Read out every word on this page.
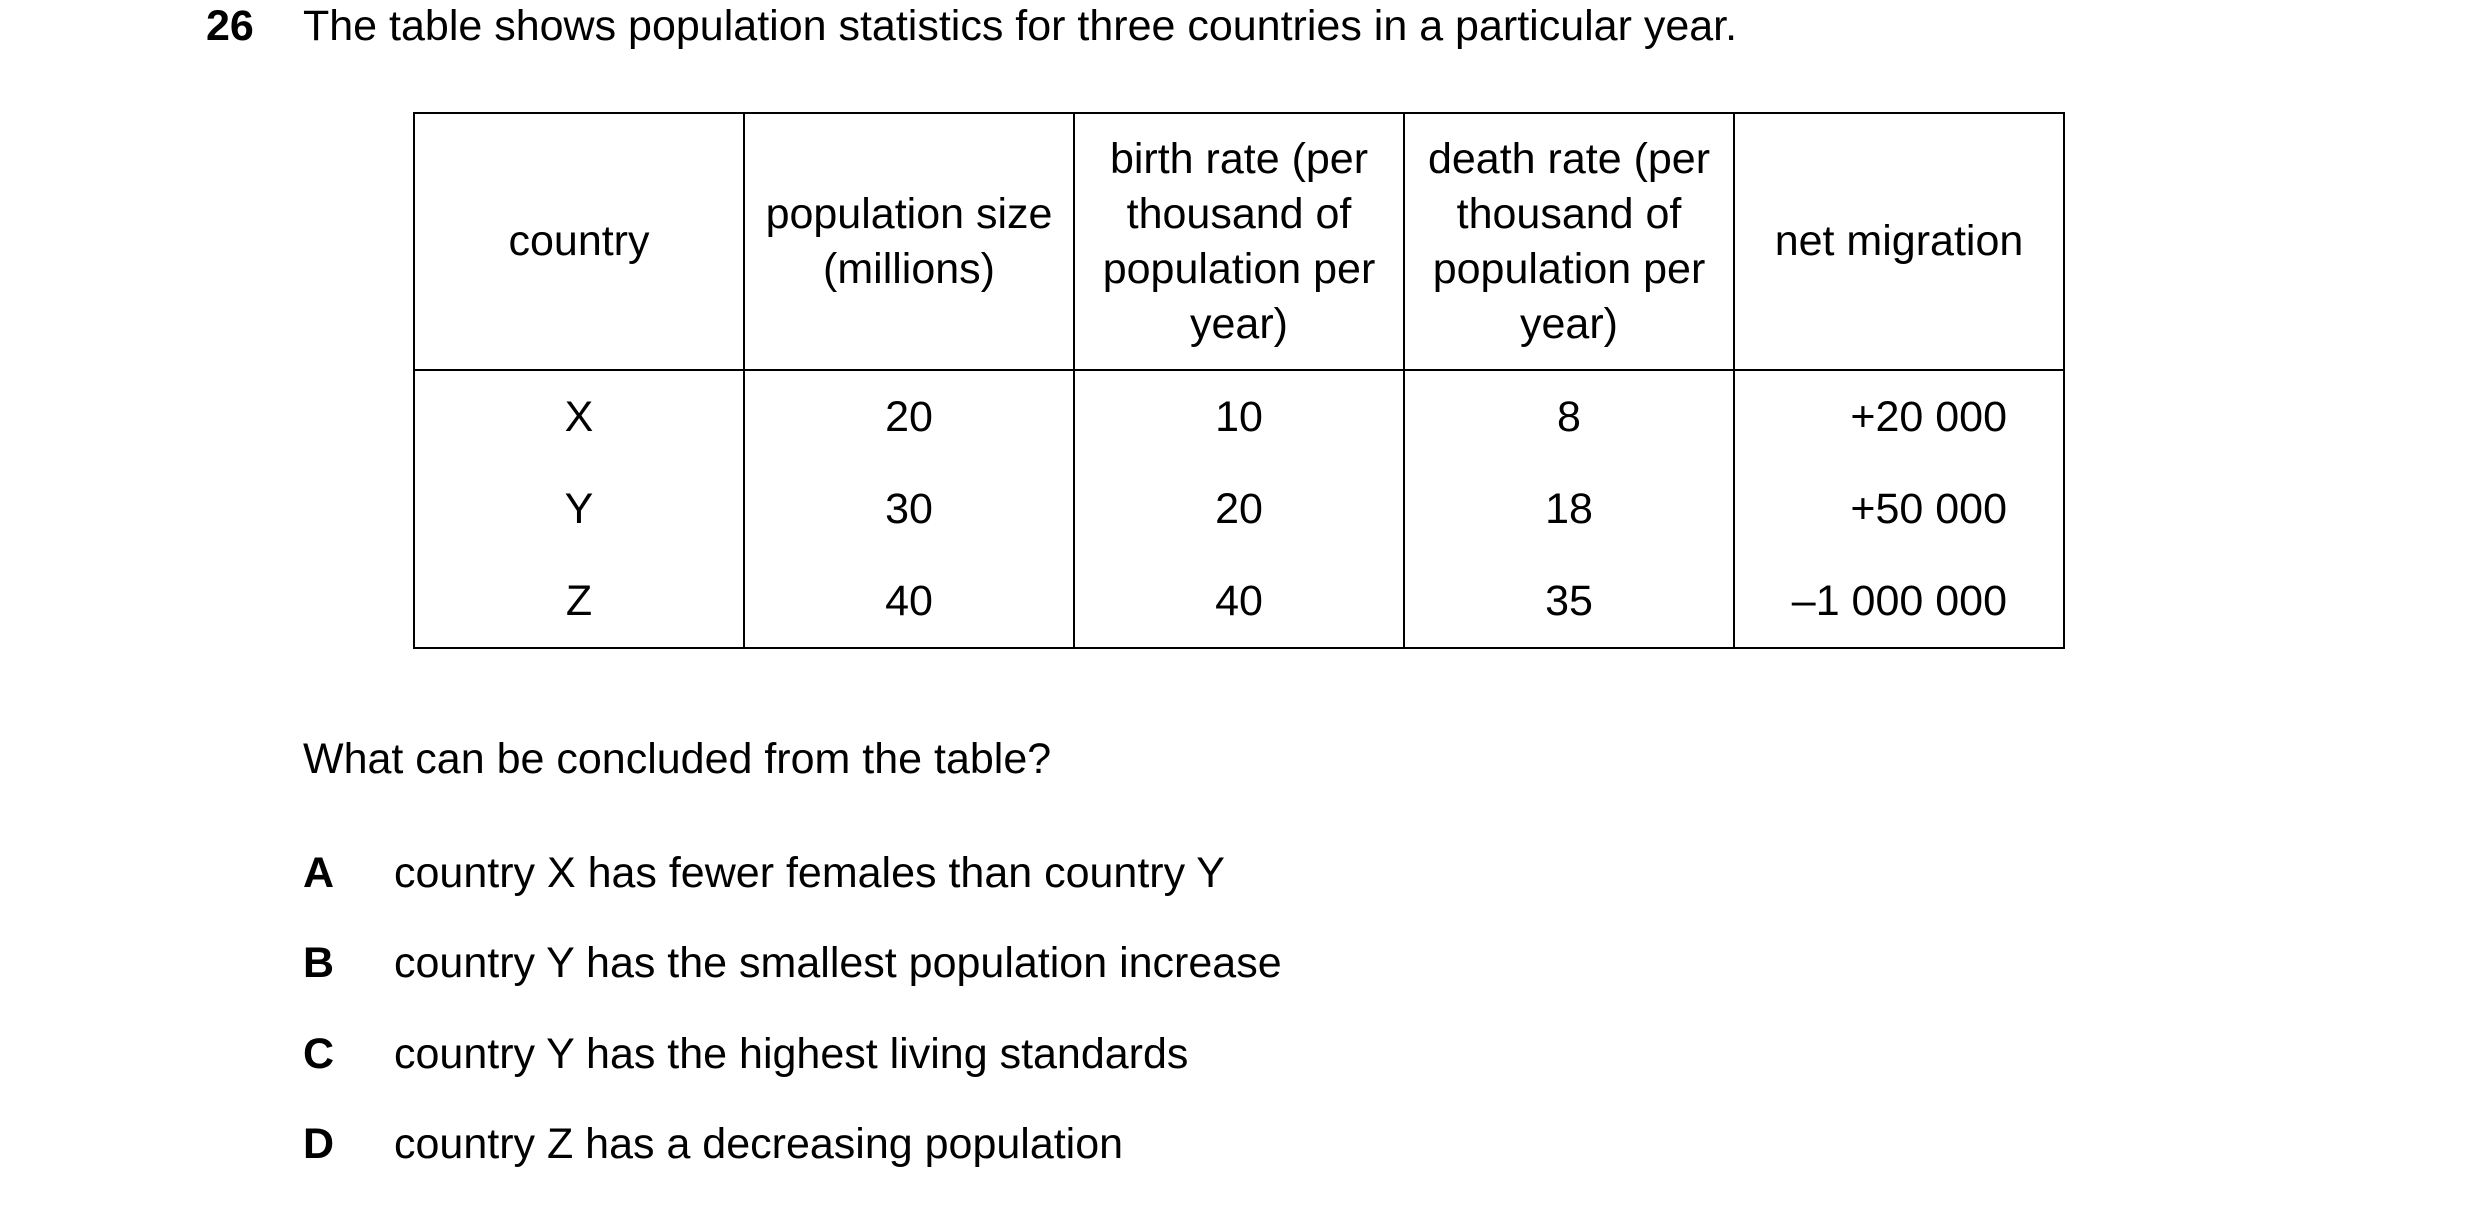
26 The table shows population statistics for three countries in a particular year.
country	population size (millions)	birth rate (per thousand of population per year)	death rate (per thousand of population per year)	net migration
X	20	10	8	+20 000
Y	30	20	18	+50 000
Z	40	40	35	–1 000 000
What can be concluded from the table?
A country X has fewer females than country Y
B country Y has the smallest population increase
C country Y has the highest living standards
D country Z has a decreasing population
